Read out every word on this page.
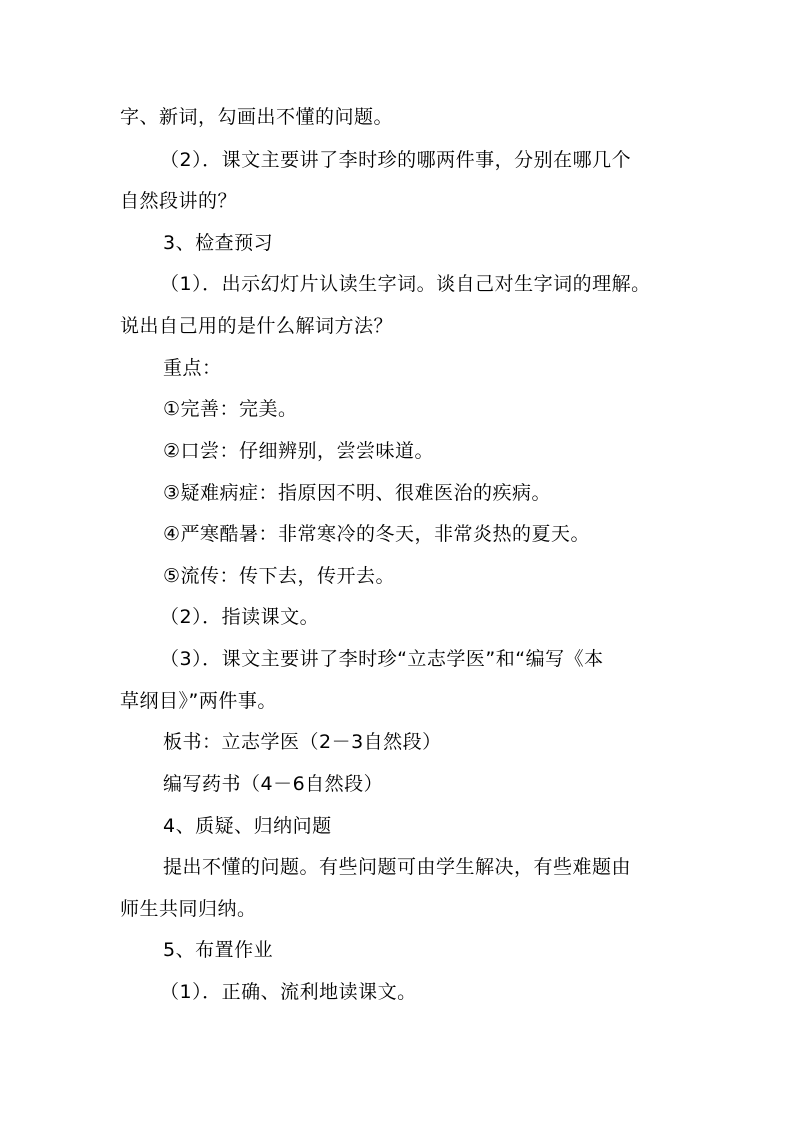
字、新词，勾画出不懂的问题。
（2）．课文主要讲了李时珍的哪两件事，分别在哪几个
自然段讲的？
3、检查预习
（1）．出示幻灯片认读生字词。谈自己对生字词的理解。
说出自己用的是什么解词方法？
重点：
①完善：完美。
②口尝：仔细辨别，尝尝味道。
③疑难病症：指原因不明、很难医治的疾病。
④严寒酷暑：非常寒冷的冬天，非常炎热的夏天。
⑤流传：传下去，传开去。
（2）．指读课文。
（3）．课文主要讲了李时珍“立志学医”和“编写《本
草纲目》”两件事。
板书：立志学医（2－3自然段）
编写药书（4－6自然段）
4、质疑、归纳问题
提出不懂的问题。有些问题可由学生解决，有些难题由
师生共同归纳。
5、布置作业
（1）．正确、流利地读课文。
